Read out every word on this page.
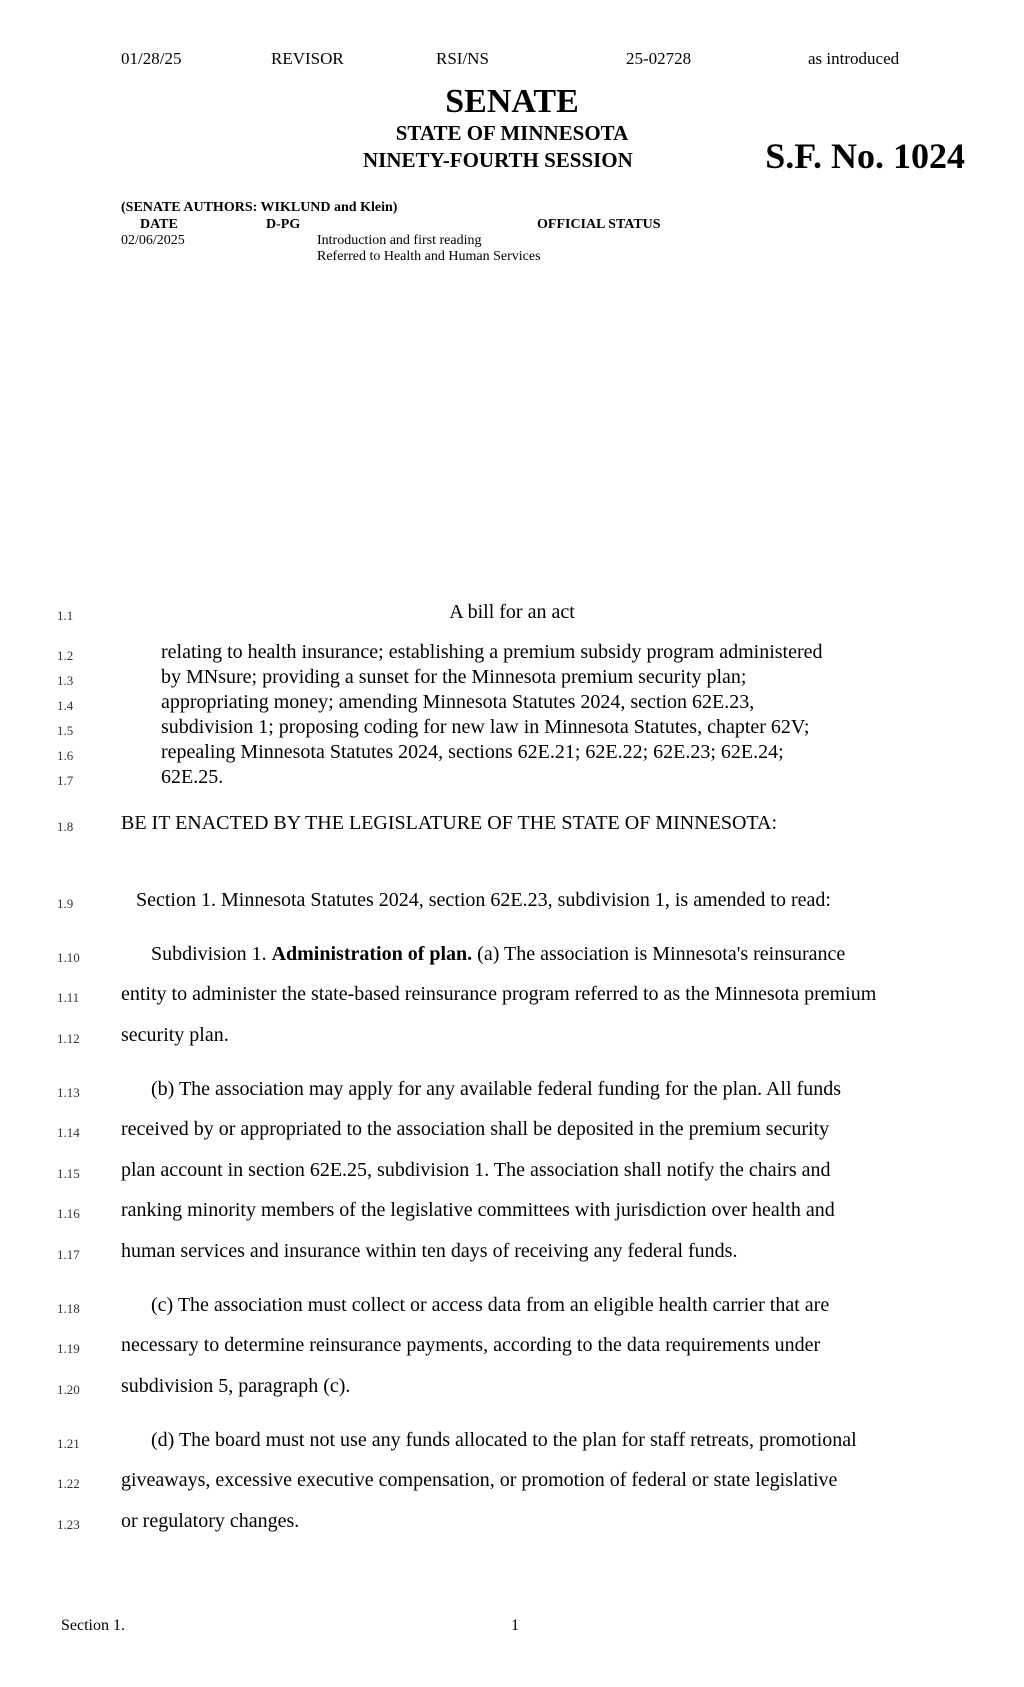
01/28/25	REVISOR	RSI/NS	25-02728	as introduced
SENATE
STATE OF MINNESOTA
NINETY-FOURTH SESSION	S.F. No. 1024
(SENATE AUTHORS: WIKLUND and Klein)
DATE	D-PG	OFFICIAL STATUS
02/06/2025	Introduction and first reading
Referred to Health and Human Services
1.1
1.2
1.3
1.4
1.5
1.6
1.7
1.8
1.9
1.10
1.11
1.12
1.13
1.14
1.15
1.16
1.17
1.18
1.19
1.20
1.21
1.22
1.23
A bill for an act
relating to health insurance; establishing a premium subsidy program administered
by MNsure; providing a sunset for the Minnesota premium security plan;
appropriating money; amending Minnesota Statutes 2024, section 62E.23,
subdivision 1; proposing coding for new law in Minnesota Statutes, chapter 62V;
repealing Minnesota Statutes 2024, sections 62E.21; 62E.22; 62E.23; 62E.24;
62E.25.
BE IT ENACTED BY THE LEGISLATURE OF THE STATE OF MINNESOTA:
Section 1. Minnesota Statutes 2024, section 62E.23, subdivision 1, is amended to read:
Subdivision 1. Administration of plan. (a) The association is Minnesota's reinsurance
entity to administer the state-based reinsurance program referred to as the Minnesota premium
security plan.
(b) The association may apply for any available federal funding for the plan. All funds
received by or appropriated to the association shall be deposited in the premium security
plan account in section 62E.25, subdivision 1. The association shall notify the chairs and
ranking minority members of the legislative committees with jurisdiction over health and
human services and insurance within ten days of receiving any federal funds.
(c) The association must collect or access data from an eligible health carrier that are
necessary to determine reinsurance payments, according to the data requirements under
subdivision 5, paragraph (c).
(d) The board must not use any funds allocated to the plan for staff retreats, promotional
giveaways, excessive executive compensation, or promotion of federal or state legislative
or regulatory changes.
Section 1.	1
